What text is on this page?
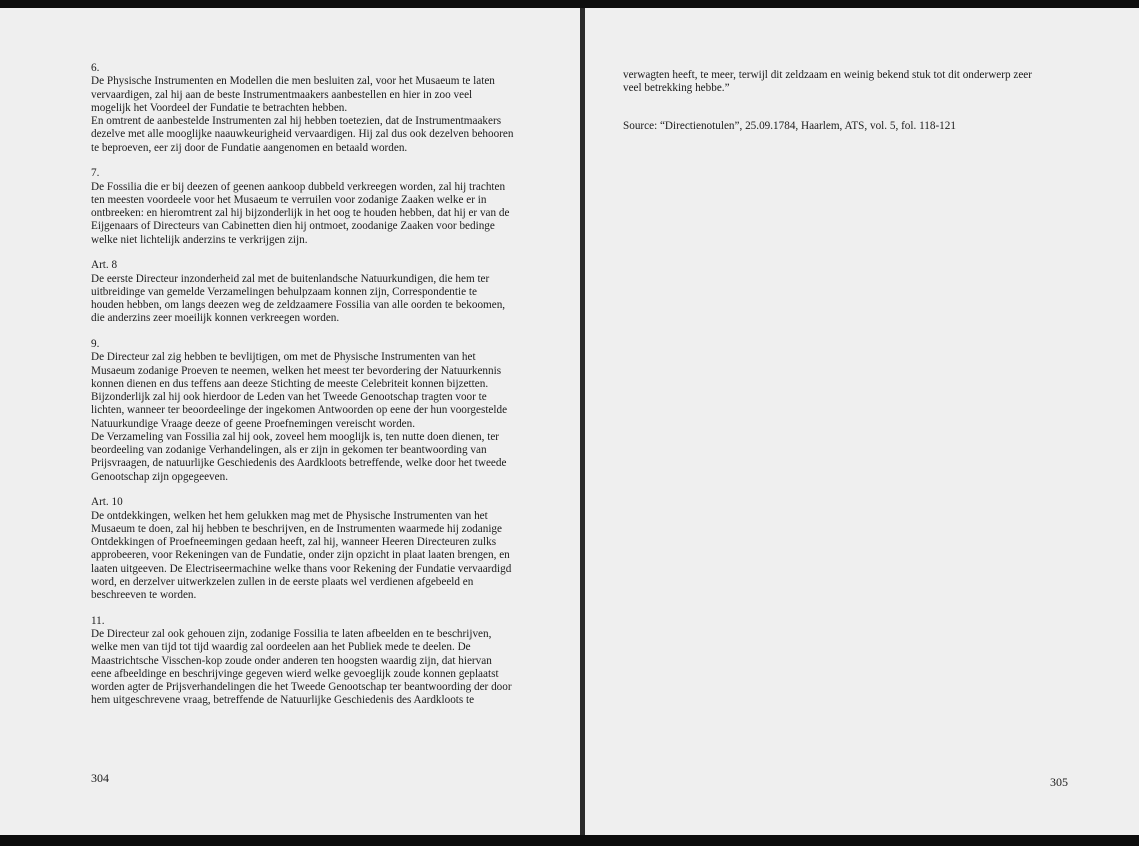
6.
De Physische Instrumenten en Modellen die men besluiten zal, voor het Musaeum te laten
vervaardigen, zal hij aan de beste Instrumentmaakers aanbestellen en hier in zoo veel
mogelijk het Voordeel der Fundatie te betrachten hebben.
En omtrent de aanbestelde Instrumenten zal hij hebben toetezien, dat de Instrumentmaakers
dezelve met alle mooglijke naauwkeurigheid vervaardigen. Hij zal dus ook dezelven behooren
te beproeven, eer zij door de Fundatie aangenomen en betaald worden.
7.
De Fossilia die er bij deezen of geenen aankoop dubbeld verkreegen worden, zal hij trachten
ten meesten voordeele voor het Musaeum te verruilen voor zodanige Zaaken welke er in
ontbreeken: en hieromtrent zal hij bijzonderlijk in het oog te houden hebben, dat hij er van de
Eijgenaars of Directeurs van Cabinetten dien hij ontmoet, zoodanige Zaaken voor bedinge
welke niet lichtelijk anderzins te verkrijgen zijn.
Art. 8
De eerste Directeur inzonderheid zal met de buitenlandsche Natuurkundigen, die hem ter
uitbreidinge van gemelde Verzamelingen behulpzaam konnen zijn, Correspondentie te
houden hebben, om langs deezen weg de zeldzaamere Fossilia van alle oorden te bekoomen,
die anderzins zeer moeilijk konnen verkreegen worden.
9.
De Directeur zal zig hebben te bevlijtigen, om met de Physische Instrumenten van het
Musaeum zodanige Proeven te neemen, welken het meest ter bevordering der Natuurkennis
konnen dienen en dus teffens aan deeze Stichting de meeste Celebriteit konnen bijzetten.
Bijzonderlijk zal hij ook hierdoor de Leden van het Tweede Genootschap tragten voor te
lichten, wanneer ter beoordeelinge der ingekomen Antwoorden op eene der hun voorgestelde
Natuurkundige Vraage deeze of geene Proefnemingen vereischt worden.
De Verzameling van Fossilia zal hij ook, zoveel hem mooglijk is, ten nutte doen dienen, ter
beordeeling van zodanige Verhandelingen, als er zijn in gekomen ter beantwoording van
Prijsvraagen, de natuurlijke Geschiedenis des Aardkloots betreffende, welke door het tweede
Genootschap zijn opgegeeven.
Art. 10
De ontdekkingen, welken het hem gelukken mag met de Physische Instrumenten van het
Musaeum te doen, zal hij hebben te beschrijven, en de Instrumenten waarmede hij zodanige
Ontdekkingen of Proefneemingen gedaan heeft, zal hij, wanneer Heeren Directeuren zulks
approbeeren, voor Rekeningen van de Fundatie, onder zijn opzicht in plaat laaten brengen, en
laaten uitgeeven. De Electriseermachine welke thans voor Rekening der Fundatie vervaardigd
word, en derzelver uitwerkzelen zullen in de eerste plaats wel verdienen afgebeeld en
beschreeven te worden.
11.
De Directeur zal ook gehouen zijn, zodanige Fossilia te laten afbeelden en te beschrijven,
welke men van tijd tot tijd waardig zal oordeelen aan het Publiek mede te deelen. De
Maastrichtsche Visschen-kop zoude onder anderen ten hoogsten waardig zijn, dat hiervan
eene afbeeldinge en beschrijvinge gegeven wierd welke gevoeglijk zoude konnen geplaatst
worden agter de Prijsverhandelingen die het Tweede Genootschap ter beantwoording der door
hem uitgeschrevene vraag, betreffende de Natuurlijke Geschiedenis des Aardkloots te
304
verwagten heeft, te meer, terwijl dit zeldzaam en weinig bekend stuk tot dit onderwerp zeer
veel betrekking hebbe.”
Source: “Directienotulen”, 25.09.1784, Haarlem, ATS, vol. 5, fol. 118-121
305
